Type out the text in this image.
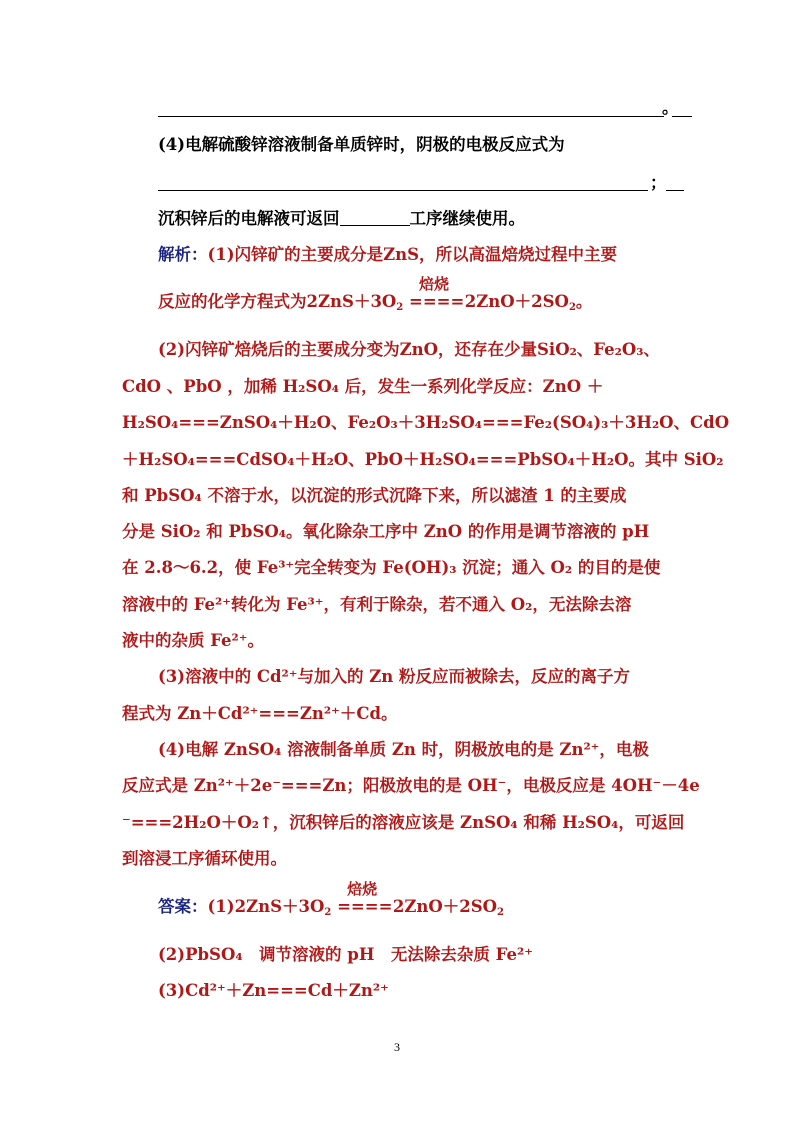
。
(4)电解硫酸锌溶液制备单质锌时，阴极的电极反应式为
；
沉积锌后的电解液可返回	工序继续使用。
解析：(1)闪锌矿的主要成分是ZnS，所以高温焙烧过程中主要
反应的化学方程式为$2ZnS+3O_2$
焙烧
==== $2ZnO+2SO_2$。
(2)闪锌矿焙烧后的主要成分变为ZnO，还存在少量SiO₂、Fe₂O₃、
CdO 、PbO ，加稀 H₂SO₄ 后，发生一系列化学反应：ZnO ＋
H₂SO₄===ZnSO₄＋H₂O、Fe₂O₃＋3H₂SO₄===Fe₂(SO₄)₃＋3H₂O、CdO
＋H₂SO₄===CdSO₄＋H₂O、PbO＋H₂SO₄===PbSO₄＋H₂O。其中 SiO₂
和 PbSO₄ 不溶于水，以沉淀的形式沉降下来，所以滤渣 1 的主要成
分是 SiO₂ 和 PbSO₄。氧化除杂工序中 ZnO 的作用是调节溶液的 pH
在 2.8～6.2，使 Fe³⁺完全转变为 Fe(OH)₃ 沉淀；通入 O₂ 的目的是使
溶液中的 Fe²⁺转化为 Fe³⁺，有利于除杂，若不通入 O₂，无法除去溶
液中的杂质 Fe²⁺。
(3)溶液中的 Cd²⁺与加入的 Zn 粉反应而被除去，反应的离子方
程式为 Zn＋Cd²⁺===Zn²⁺＋Cd。
(4)电解 ZnSO₄ 溶液制备单质 Zn 时，阴极放电的是 Zn²⁺，电极
反应式是 Zn²⁺＋2e⁻===Zn；阳极放电的是 OH⁻，电极反应是 4OH⁻－4e
⁻===2H₂O＋O₂↑，沉积锌后的溶液应该是 ZnSO₄ 和稀 H₂SO₄，可返回
到溶浸工序循环使用。
答案：$(1)2ZnS+3O_2$
焙烧
==== $2ZnO+2SO_2$
(2)PbSO₄　调节溶液的 pH　无法除去杂质 Fe²⁺
(3)Cd²⁺＋Zn===Cd＋Zn²⁺
3
